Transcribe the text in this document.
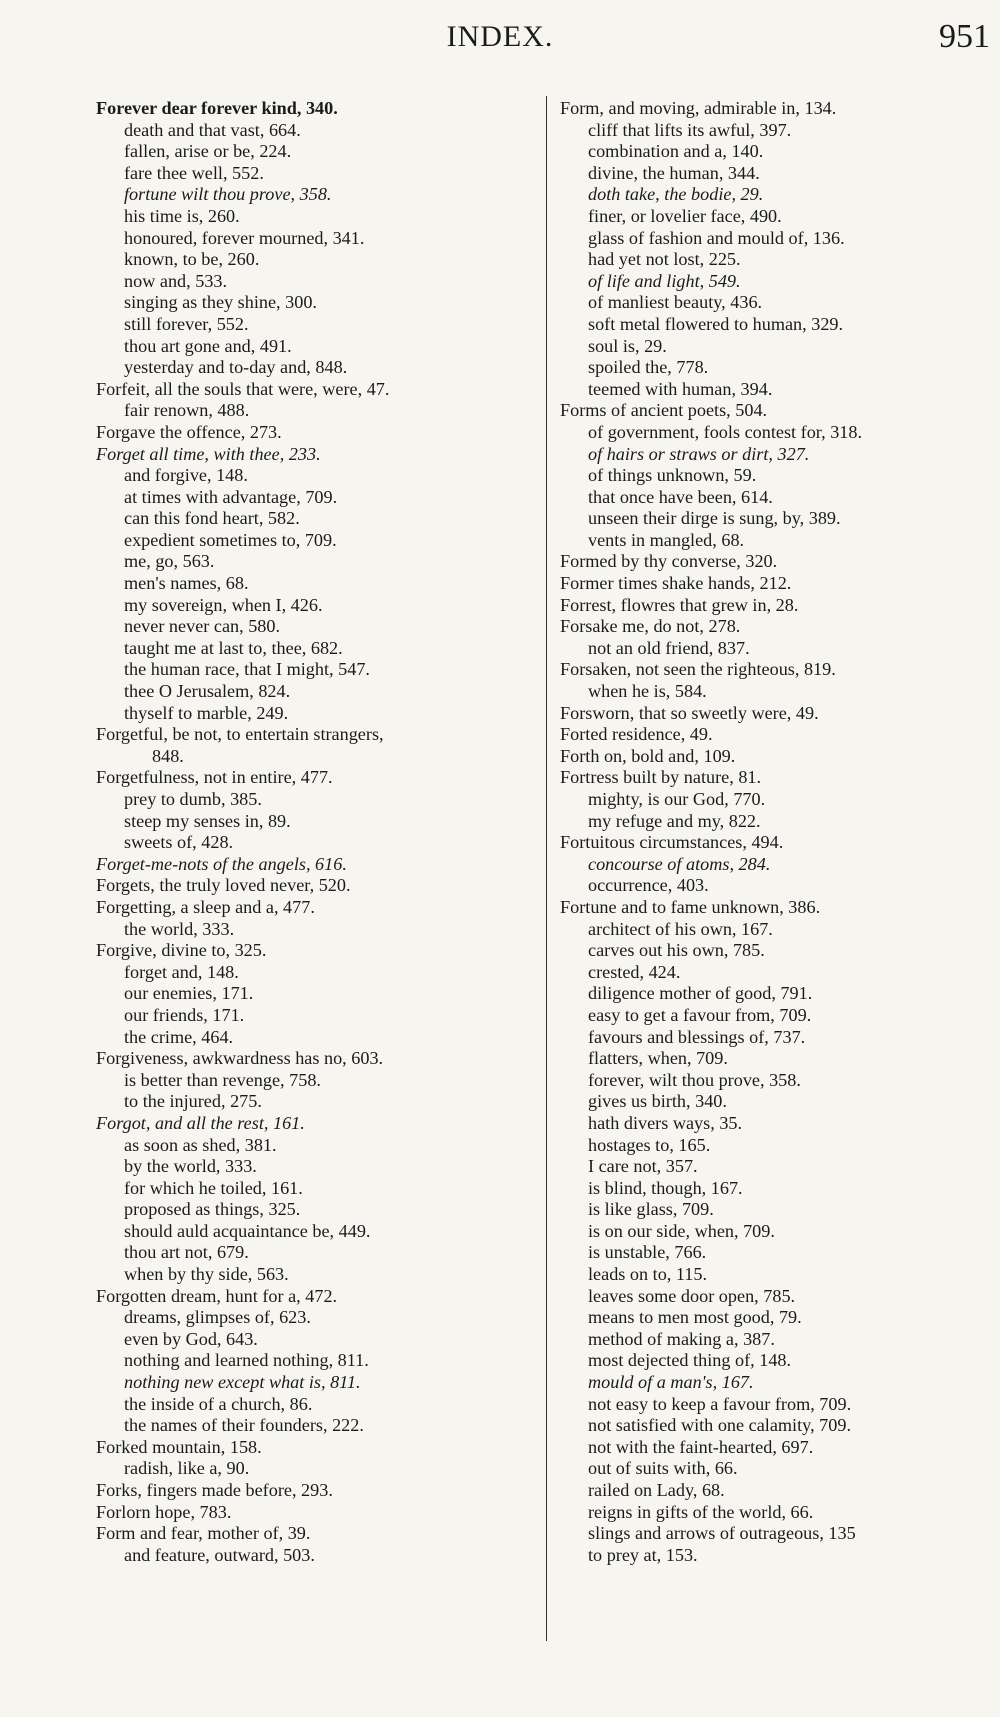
INDEX.	951
Forever dear forever kind, 340.
death and that vast, 664.
fallen, arise or be, 224.
fare thee well, 552.
fortune wilt thou prove, 358.
his time is, 260.
honoured, forever mourned, 341.
known, to be, 260.
now and, 533.
singing as they shine, 300.
still forever, 552.
thou art gone and, 491.
yesterday and to-day and, 848.
Forfeit, all the souls that were, were, 47.
fair renown, 488.
Forgave the offence, 273.
Forget all time, with thee, 233.
and forgive, 148.
at times with advantage, 709.
can this fond heart, 582.
expedient sometimes to, 709.
me, go, 563.
men's names, 68.
my sovereign, when I, 426.
never never can, 580.
taught me at last to, thee, 682.
the human race, that I might, 547.
thee O Jerusalem, 824.
thyself to marble, 249.
Forgetful, be not, to entertain strangers,
848.
Forgetfulness, not in entire, 477.
prey to dumb, 385.
steep my senses in, 89.
sweets of, 428.
Forget-me-nots of the angels, 616.
Forgets, the truly loved never, 520.
Forgetting, a sleep and a, 477.
the world, 333.
Forgive, divine to, 325.
forget and, 148.
our enemies, 171.
our friends, 171.
the crime, 464.
Forgiveness, awkwardness has no, 603.
is better than revenge, 758.
to the injured, 275.
Forgot, and all the rest, 161.
as soon as shed, 381.
by the world, 333.
for which he toiled, 161.
proposed as things, 325.
should auld acquaintance be, 449.
thou art not, 679.
when by thy side, 563.
Forgotten dream, hunt for a, 472.
dreams, glimpses of, 623.
even by God, 643.
nothing and learned nothing, 811.
nothing new except what is, 811.
the inside of a church, 86.
the names of their founders, 222.
Forked mountain, 158.
radish, like a, 90.
Forks, fingers made before, 293.
Forlorn hope, 783.
Form and fear, mother of, 39.
and feature, outward, 503.
Form, and moving, admirable in, 134.
cliff that lifts its awful, 397.
combination and a, 140.
divine, the human, 344.
doth take, the bodie, 29.
finer, or lovelier face, 490.
glass of fashion and mould of, 136.
had yet not lost, 225.
of life and light, 549.
of manliest beauty, 436.
soft metal flowered to human, 329.
soul is, 29.
spoiled the, 778.
teemed with human, 394.
Forms of ancient poets, 504.
of government, fools contest for, 318.
of hairs or straws or dirt, 327.
of things unknown, 59.
that once have been, 614.
unseen their dirge is sung, by, 389.
vents in mangled, 68.
Formed by thy converse, 320.
Former times shake hands, 212.
Forrest, flowres that grew in, 28.
Forsake me, do not, 278.
not an old friend, 837.
Forsaken, not seen the righteous, 819.
when he is, 584.
Forsworn, that so sweetly were, 49.
Forted residence, 49.
Forth on, bold and, 109.
Fortress built by nature, 81.
mighty, is our God, 770.
my refuge and my, 822.
Fortuitous circumstances, 494.
concourse of atoms, 284.
occurrence, 403.
Fortune and to fame unknown, 386.
architect of his own, 167.
carves out his own, 785.
crested, 424.
diligence mother of good, 791.
easy to get a favour from, 709.
favours and blessings of, 737.
flatters, when, 709.
forever, wilt thou prove, 358.
gives us birth, 340.
hath divers ways, 35.
hostages to, 165.
I care not, 357.
is blind, though, 167.
is like glass, 709.
is on our side, when, 709.
is unstable, 766.
leads on to, 115.
leaves some door open, 785.
means to men most good, 79.
method of making a, 387.
most dejected thing of, 148.
mould of a man's, 167.
not easy to keep a favour from, 709.
not satisfied with one calamity, 709.
not with the faint-hearted, 697.
out of suits with, 66.
railed on Lady, 68.
reigns in gifts of the world, 66.
slings and arrows of outrageous, 135
to prey at, 153.
